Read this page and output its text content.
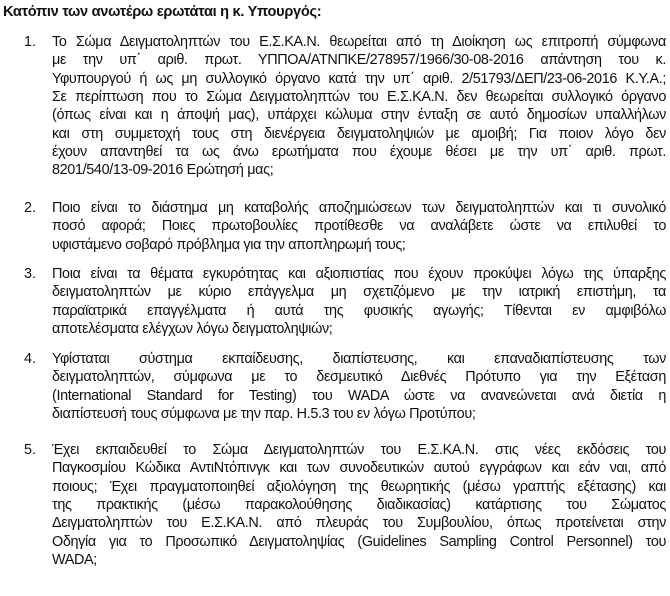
Κατόπιν των ανωτέρω ερωτάται η κ. Υπουργός:
1. Το Σώμα Δειγματοληπτών του Ε.Σ.ΚΑ.Ν. θεωρείται από τη Διοίκηση ως επιτροπή σύμφωνα
με την υπ΄ αριθ. πρωτ. ΥΠΠΟΑ/ΑΤΝΠΚΕ/278957/1966/30-08-2016 απάντηση του κ.
Υφυπουργού ή ως μη συλλογικό όργανο κατά την υπ΄ αριθ. 2/51793/ΔΕΠ/23-06-2016 Κ.Υ.Α.;
Σε περίπτωση που το Σώμα Δειγματοληπτών του Ε.Σ.ΚΑ.Ν. δεν θεωρείται συλλογικό όργανο
(όπως είναι και η άποψή μας), υπάρχει κώλυμα στην ένταξη σε αυτό δημοσίων υπαλλήλων
και στη συμμετοχή τους στη διενέργεια δειγματοληψιών με αμοιβή; Για ποιον λόγο δεν
έχουν απαντηθεί τα ως άνω ερωτήματα που έχουμε θέσει με την υπ΄ αριθ. πρωτ.
8201/540/13-09-2016 Ερώτησή μας;
2. Ποιο είναι το διάστημα μη καταβολής αποζημιώσεων των δειγματοληπτών και τι συνολικό
ποσό αφορά; Ποιες πρωτοβουλίες προτίθεσθε να αναλάβετε ώστε να επιλυθεί το
υφιστάμενο σοβαρό πρόβλημα για την αποπληρωμή τους;
3. Ποια είναι τα θέματα εγκυρότητας και αξιοπιστίας που έχουν προκύψει λόγω της ύπαρξης
δειγματοληπτών με κύριο επάγγελμα μη σχετιζόμενο με την ιατρική επιστήμη, τα
παραϊατρικά επαγγέλματα ή αυτά της φυσικής αγωγής; Τίθενται εν αμφιβόλω
αποτελέσματα ελέγχων λόγω δειγματοληψιών;
4. Υφίσταται σύστημα εκπαίδευσης, διαπίστευσης, και επαναδιαπίστευσης των
δειγματοληπτών, σύμφωνα με το δεσμευτικό Διεθνές Πρότυπο για την Εξέταση
(International Standard for Testing) του WADA ώστε να ανανεώνεται ανά διετία η
διαπίστευσή τους σύμφωνα με την παρ. Η.5.3 του εν λόγω Προτύπου;
5. Έχει εκπαιδευθεί το Σώμα Δειγματοληπτών του Ε.Σ.ΚΑ.Ν. στις νέες εκδόσεις του
Παγκοσμίου Κώδικα ΑντιΝτόπινγκ και των συνοδευτικών αυτού εγγράφων και εάν ναι, από
ποιους; Έχει πραγματοποιηθεί αξιολόγηση της θεωρητικής (μέσω γραπτής εξέτασης) και
της πρακτικής (μέσω παρακολούθησης διαδικασίας) κατάρτισης του Σώματος
Δειγματοληπτών του Ε.Σ.ΚΑ.Ν. από πλευράς του Συμβουλίου, όπως προτείνεται στην
Οδηγία για το Προσωπικό Δειγματοληψίας (Guidelines Sampling Control Personnel) του
WADA;
